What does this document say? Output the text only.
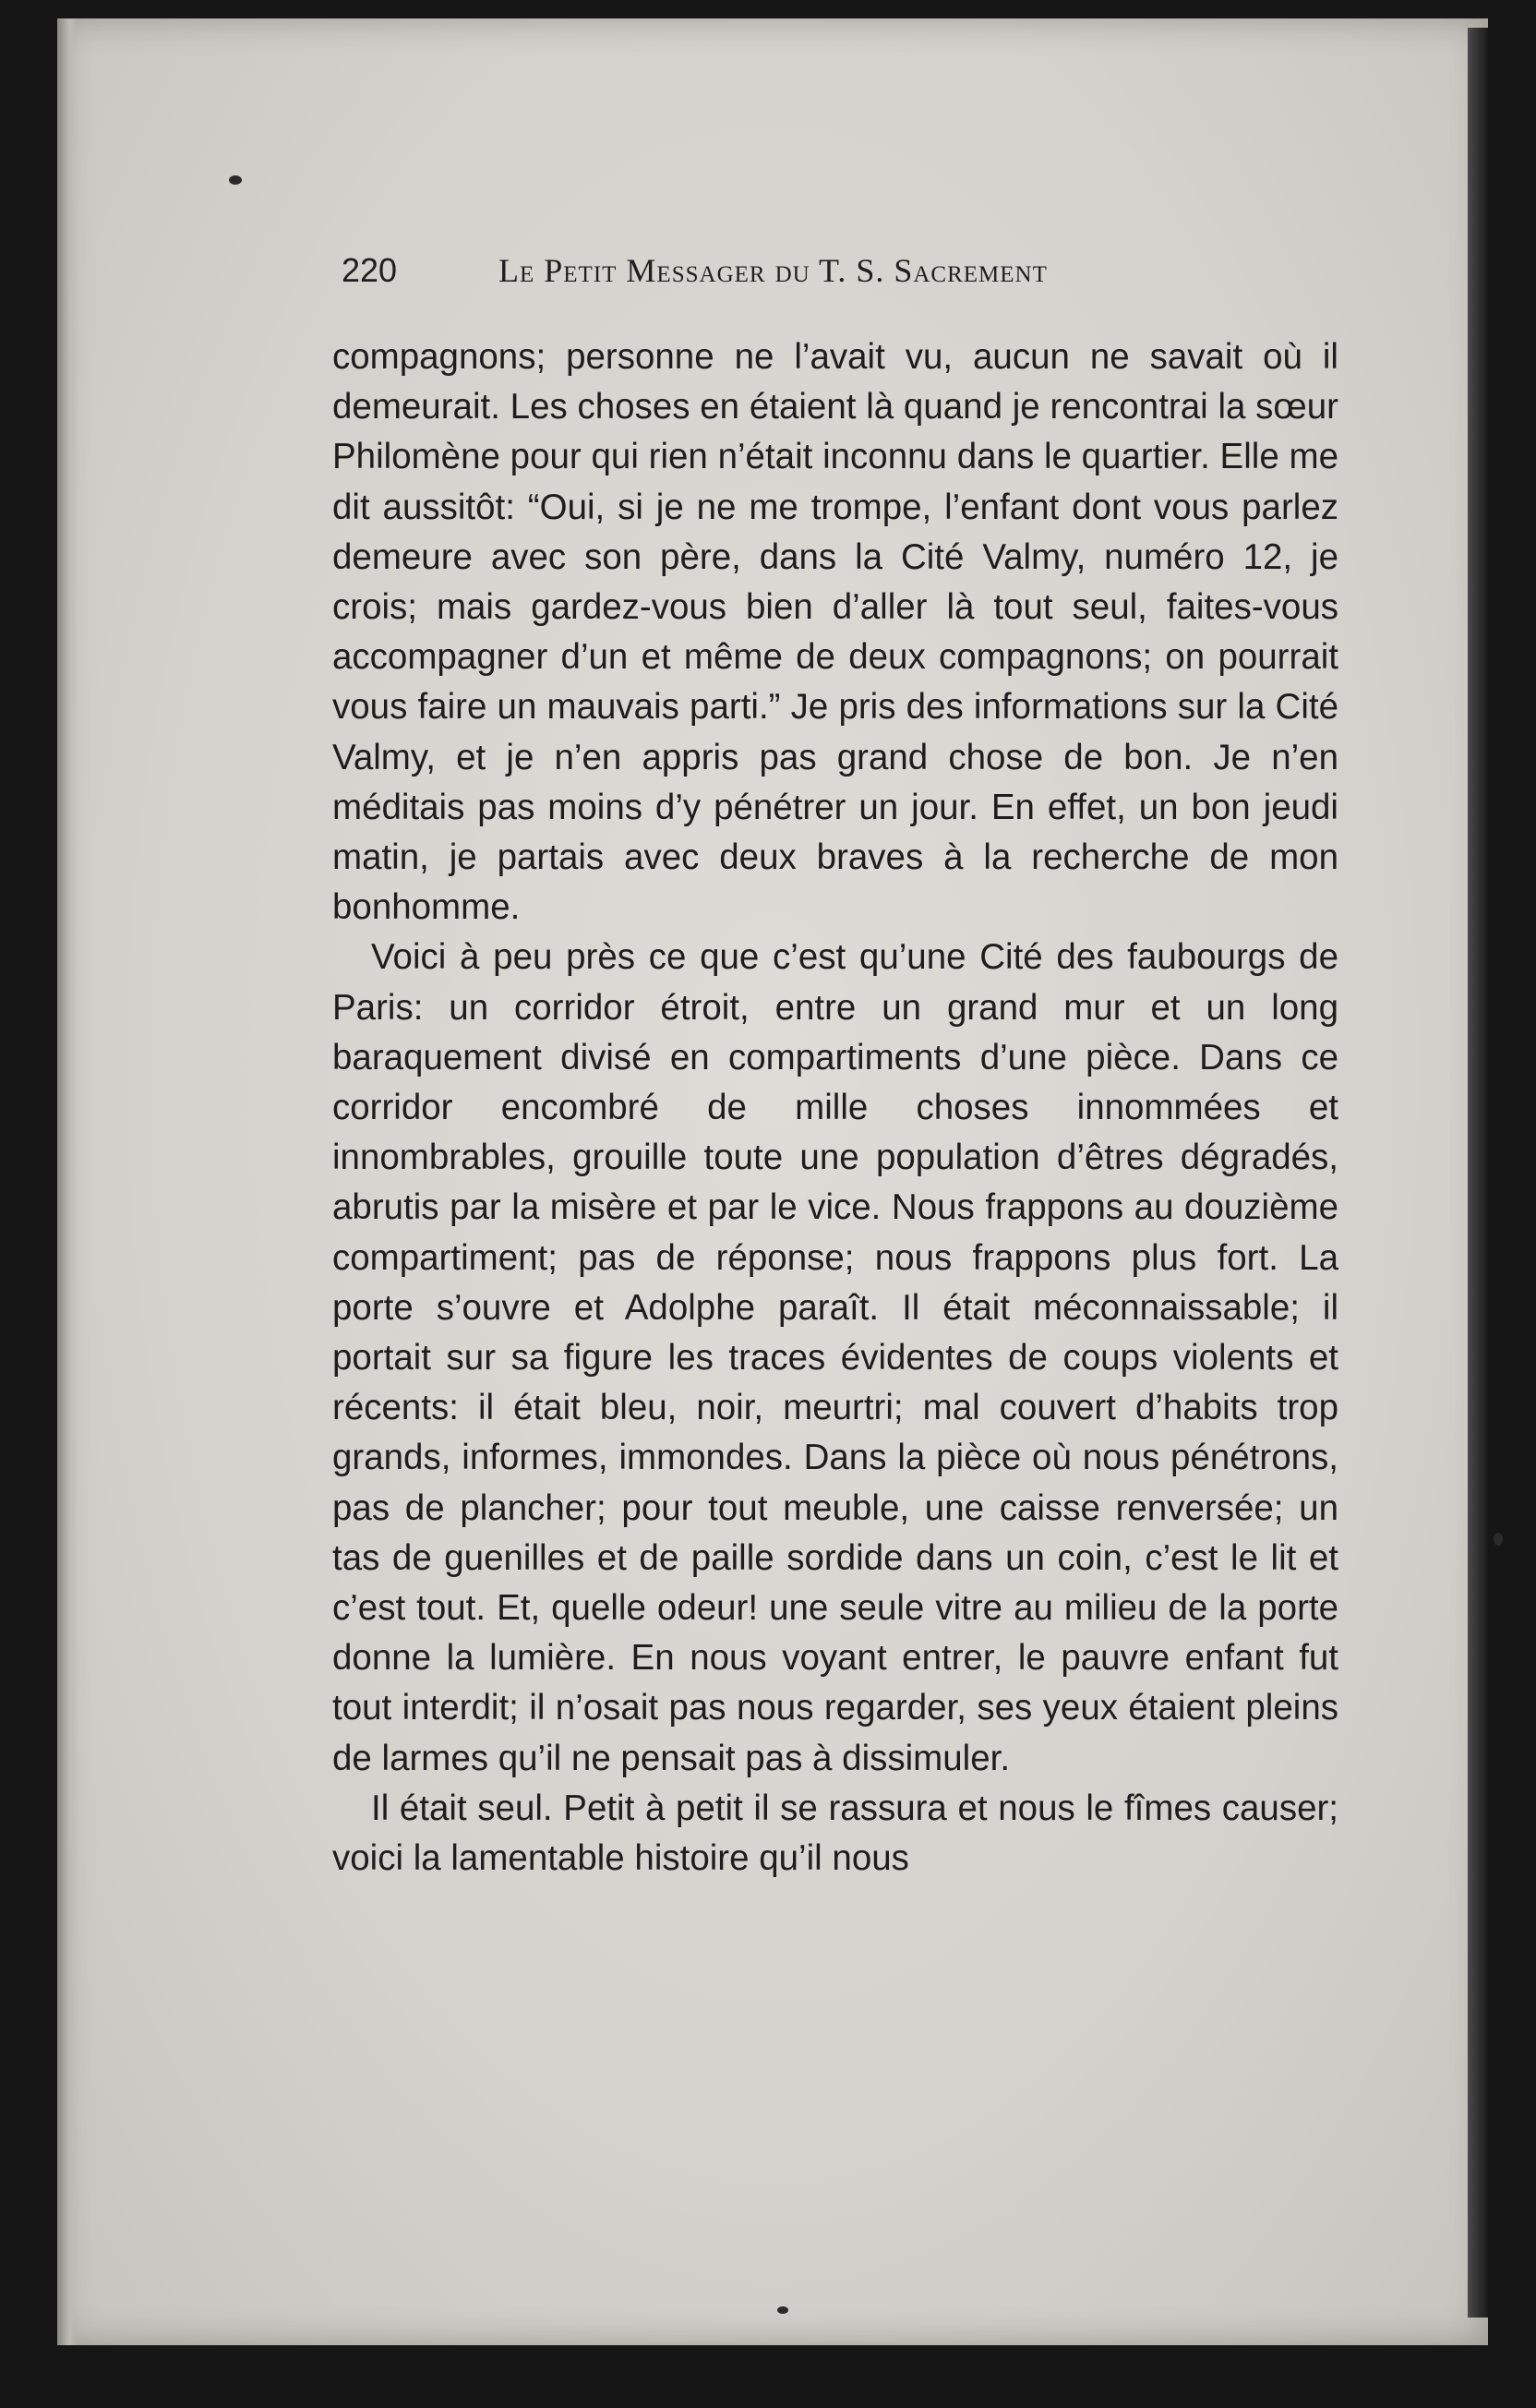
220	Le Petit Messager du T. S. Sacrement

compagnons; personne ne l’avait vu, aucun ne savait où il demeurait. Les choses en étaient là quand je rencontrai la sœur Philomène pour qui rien n’était inconnu dans le quartier. Elle me dit aussitôt: “Oui, si je ne me trompe, l’enfant dont vous parlez demeure avec son père, dans la Cité Valmy, numéro 12, je crois; mais gardez-vous bien d’aller là tout seul, faites-vous accompagner d’un et même de deux compagnons; on pourrait vous faire un mauvais parti.” Je pris des informations sur la Cité Valmy, et je n’en appris pas grand chose de bon. Je n’en méditais pas moins d’y pénétrer un jour. En effet, un bon jeudi matin, je partais avec deux braves à la recherche de mon bonhomme.

Voici à peu près ce que c’est qu’une Cité des faubourgs de Paris: un corridor étroit, entre un grand mur et un long baraquement divisé en compartiments d’une pièce. Dans ce corridor encombré de mille choses innommées et innombrables, grouille toute une population d’êtres dégradés, abrutis par la misère et par le vice. Nous frappons au douzième compartiment; pas de réponse; nous frappons plus fort. La porte s’ouvre et Adolphe paraît. Il était méconnaissable; il portait sur sa figure les traces évidentes de coups violents et récents: il était bleu, noir, meurtri; mal couvert d’habits trop grands, informes, immondes. Dans la pièce où nous pénétrons, pas de plancher; pour tout meuble, une caisse renversée; un tas de guenilles et de paille sordide dans un coin, c’est le lit et c’est tout. Et, quelle odeur! une seule vitre au milieu de la porte donne la lumière. En nous voyant entrer, le pauvre enfant fut tout interdit; il n’osait pas nous regarder, ses yeux étaient pleins de larmes qu’il ne pensait pas à dissimuler.

Il était seul. Petit à petit il se rassura et nous le fîmes causer; voici la lamentable histoire qu’il nous
